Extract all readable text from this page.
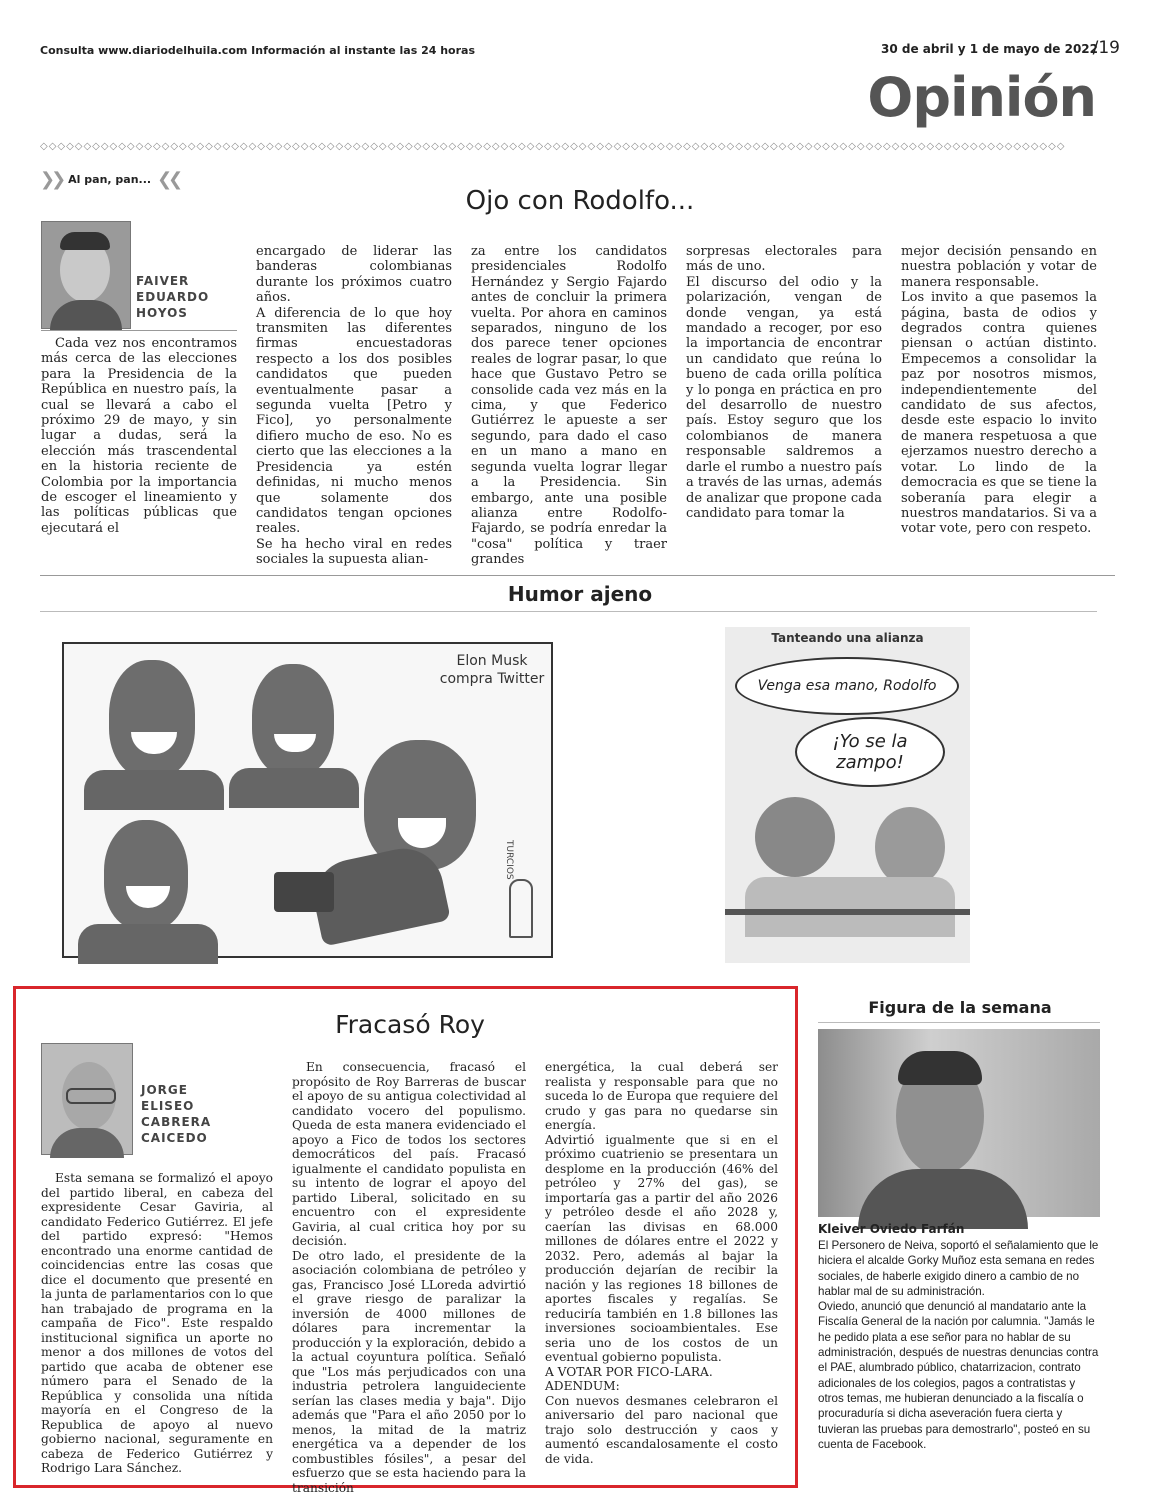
Consulta www.diariodelhuila.com Información al instante las 24 horas	30 de abril y 1 de mayo de 2022
/19
Opinión
◇◇◇◇◇◇◇◇◇◇◇◇◇◇◇◇◇◇◇◇◇◇◇◇◇◇◇◇◇◇◇◇◇◇◇◇◇◇◇◇◇◇◇◇◇◇◇◇◇◇◇◇◇◇◇◇◇◇◇◇◇◇◇◇◇◇◇◇◇◇◇◇◇◇◇◇◇◇◇◇◇◇◇◇◇◇◇◇◇◇◇◇◇◇◇◇◇◇◇◇◇◇◇◇◇◇◇◇◇◇◇◇◇◇◇◇◇◇
❯❯ Al pan, pan... ❮❮
Ojo con Rodolfo...
FAIVER
EDUARDO
HOYOS
Cada vez nos encontramos más cerca de las elecciones para la Presidencia de la República en nuestro país, la cual se llevará a cabo el próximo 29 de mayo, y sin lugar a dudas, será la elección más trascendental en la historia reciente de Colombia por la importancia de escoger el lineamiento y las políticas públicas que ejecutará el
encargado de liderar las banderas colombianas durante los próximos cuatro años.
A diferencia de lo que hoy transmiten las diferentes firmas encuestadoras respecto a los dos posibles candidatos que pueden eventualmente pasar a segunda vuelta [Petro y Fico], yo personalmente difiero mucho de eso. No es cierto que las elecciones a la Presidencia ya estén definidas, ni mucho menos que solamente dos candidatos tengan opciones reales.
Se ha hecho viral en redes sociales la supuesta alian-
za entre los candidatos presidenciales Rodolfo Hernández y Sergio Fajardo antes de concluir la primera vuelta. Por ahora en caminos separados, ninguno de los dos parece tener opciones reales de lograr pasar, lo que hace que Gustavo Petro se consolide cada vez más en la cima, y que Federico Gutiérrez le apueste a ser segundo, para dado el caso en un mano a mano en segunda vuelta lograr llegar a la Presidencia. Sin embargo, ante una posible alianza entre Rodolfo-Fajardo, se podría enredar la "cosa" política y traer grandes
sorpresas electorales para más de uno.
El discurso del odio y la polarización, vengan de donde vengan, ya está mandado a recoger, por eso la importancia de encontrar un candidato que reúna lo bueno de cada orilla política y lo ponga en práctica en pro del desarrollo de nuestro país. Estoy seguro que los colombianos de manera responsable saldremos a darle el rumbo a nuestro país a través de las urnas, además de analizar que propone cada candidato para tomar la
mejor decisión pensando en nuestra población y votar de manera responsable.
Los invito a que pasemos la página, basta de odios y degrados contra quienes piensan o actúan distinto. Empecemos a consolidar la paz por nosotros mismos, independientemente del candidato de sus afectos, desde este espacio lo invito de manera respetuosa a que ejerzamos nuestro derecho a votar. Lo lindo de la democracia es que se tiene la soberanía para elegir a nuestros mandatarios. Si va a votar vote, pero con respeto.
Humor ajeno
Elon Musk compra Twitter
TURCIOS
Tanteando una alianza
Venga esa mano, Rodolfo
¡Yo se la zampo!
Fracasó Roy
JORGE
ELISEO
CABRERA
CAICEDO
Esta semana se formalizó el apoyo del partido liberal, en cabeza del expresidente Cesar Gaviria, al candidato Federico Gutiérrez. El jefe del partido expresó: "Hemos encontrado una enorme cantidad de coincidencias entre las cosas que dice el documento que presenté en la junta de parlamentarios con lo que han trabajado de programa en la campaña de Fico". Este respaldo institucional significa un aporte no menor a dos millones de votos del partido que acaba de obtener ese número para el Senado de la República y consolida una nítida mayoría en el Congreso de la Republica de apoyo al nuevo gobierno nacional, seguramente en cabeza de Federico Gutiérrez y Rodrigo Lara Sánchez.
En consecuencia, fracasó el propósito de Roy Barreras de buscar el apoyo de su antigua colectividad al candidato vocero del populismo. Queda de esta manera evidenciado el apoyo a Fico de todos los sectores democráticos del país. Fracasó igualmente el candidato populista en su intento de lograr el apoyo del partido Liberal, solicitado en su encuentro con el expresidente Gaviria, al cual critica hoy por su decisión.
De otro lado, el presidente de la asociación colombiana de petróleo y gas, Francisco José LLoreda advirtió el grave riesgo de paralizar la inversión de 4000 millones de dólares para incrementar la producción y la exploración, debido a la actual coyuntura política. Señaló que "Los más perjudicados con una industria petrolera languideciente serían las clases media y baja". Dijo además que "Para el año 2050 por lo menos, la mitad de la matriz energética va a depender de los combustibles fósiles", a pesar del esfuerzo que se esta haciendo para la transición
energética, la cual deberá ser realista y responsable para que no suceda lo de Europa que requiere del crudo y gas para no quedarse sin energía.
Advirtió igualmente que si en el próximo cuatrienio se presentara un desplome en la producción (46% del petróleo y 27% del gas), se importaría gas a partir del año 2026 y petróleo desde el año 2028 y, caerían las divisas en 68.000 millones de dólares entre el 2022 y 2032. Pero, además al bajar la producción dejarían de recibir la nación y las regiones 18 billones de aportes fiscales y regalías. Se reduciría también en 1.8 billones las inversiones socioambientales. Ese seria uno de los costos de un eventual gobierno populista.
A VOTAR POR FICO-LARA.
ADENDUM:
Con nuevos desmanes celebraron el aniversario del paro nacional que trajo solo destrucción y caos y aumentó escandalosamente el costo de vida.
Figura de la semana
Kleiver Oviedo Farfán
El Personero de Neiva, soportó el señalamiento que le hiciera el alcalde Gorky Muñoz esta semana en redes sociales, de haberle exigido dinero a cambio de no hablar mal de su administración.
Oviedo, anunció que denunció al mandatario ante la Fiscalía General de la nación por calumnia. "Jamás le he pedido plata a ese señor para no hablar de su administración, después de nuestras denuncias contra el PAE, alumbrado público, chatarrizacion, contrato adicionales de los colegios, pagos a contratistas y otros temas, me hubieran denunciado a la fiscalía o procuraduría si dicha aseveración fuera cierta y tuvieran las pruebas para demostrarlo", posteó en su cuenta de Facebook.
